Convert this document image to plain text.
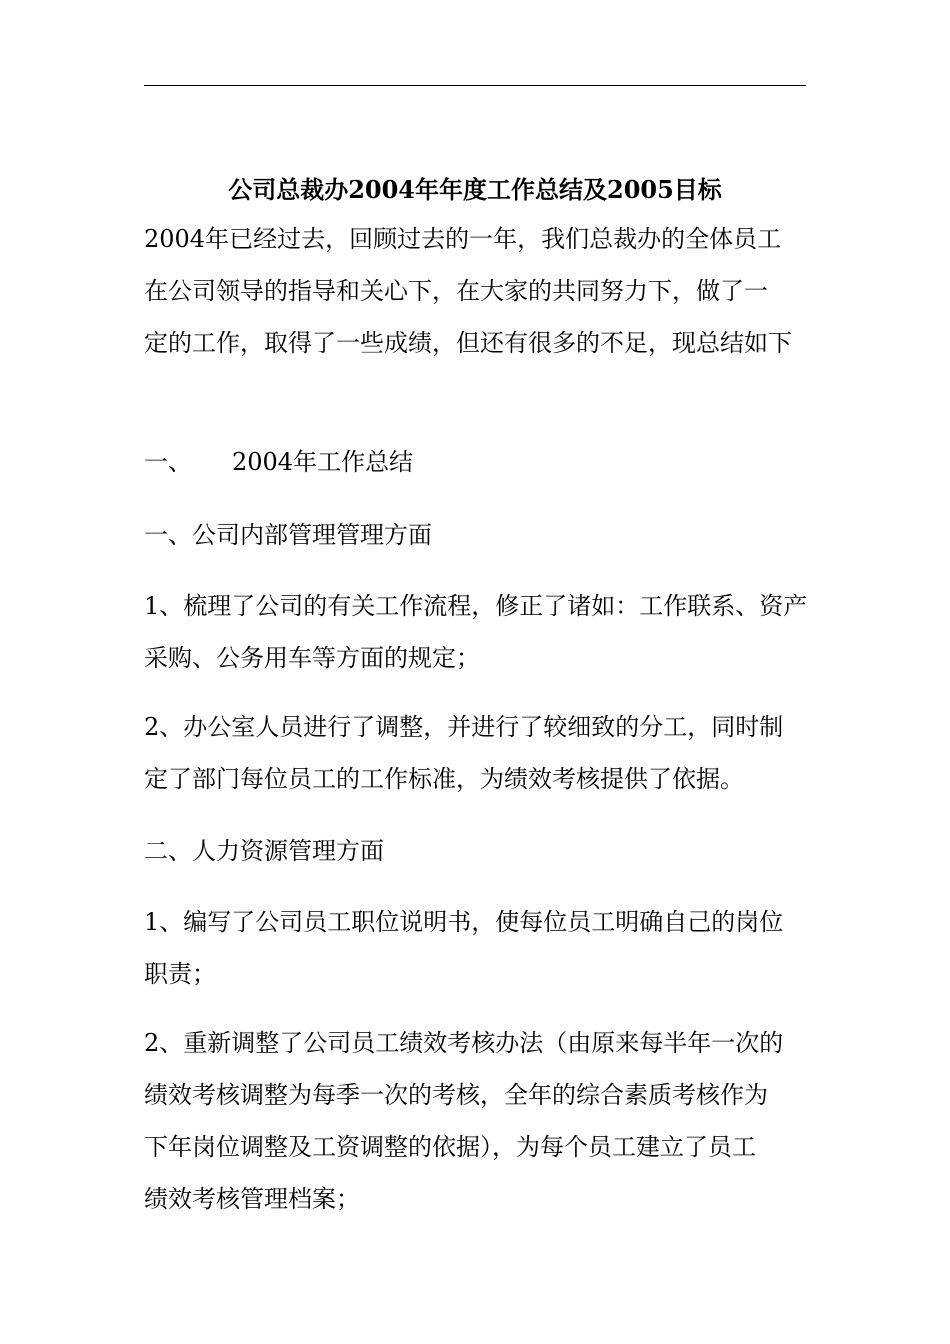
公司总裁办2004年年度工作总结及2005目标
2004年已经过去，回顾过去的一年，我们总裁办的全体员工
在公司领导的指导和关心下，在大家的共同努力下，做了一
定的工作，取得了一些成绩，但还有很多的不足，现总结如下
一、 2004年工作总结
一、公司内部管理管理方面
1、梳理了公司的有关工作流程，修正了诸如：工作联系、资产
采购、公务用车等方面的规定；
2、办公室人员进行了调整，并进行了较细致的分工，同时制
定了部门每位员工的工作标准，为绩效考核提供了依据。
二、人力资源管理方面
1、编写了公司员工职位说明书，使每位员工明确自己的岗位
职责；
2、重新调整了公司员工绩效考核办法（由原来每半年一次的
绩效考核调整为每季一次的考核，全年的综合素质考核作为
下年岗位调整及工资调整的依据），为每个员工建立了员工
绩效考核管理档案；
